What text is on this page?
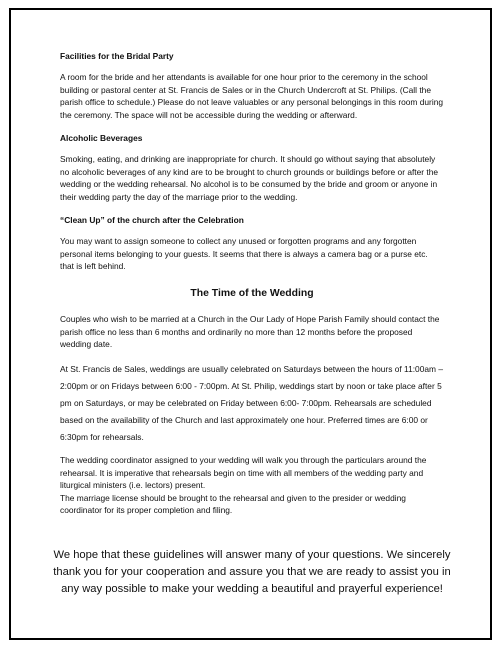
Facilities for the Bridal Party

A room for the bride and her attendants is available for one hour prior to the ceremony in the school building or pastoral center at St. Francis de Sales or in the Church Undercroft at St. Philips. (Call the parish office to schedule.) Please do not leave valuables or any personal belongings in this room during the ceremony. The space will not be accessible during the wedding or afterward.

Alcoholic Beverages

Smoking, eating, and drinking are inappropriate for church. It should go without saying that absolutely no alcoholic beverages of any kind are to be brought to church grounds or buildings before or after the wedding or the wedding rehearsal. No alcohol is to be consumed by the bride and groom or anyone in their wedding party the day of the marriage prior to the wedding.

“Clean Up” of the church after the Celebration

You may want to assign someone to collect any unused or forgotten programs and any forgotten personal items belonging to your guests. It seems that there is always a camera bag or a purse etc. that is left behind.

The Time of the Wedding

Couples who wish to be married at a Church in the Our Lady of Hope Parish Family should contact the parish office no less than 6 months and ordinarily no more than 12 months before the proposed wedding date.

At St. Francis de Sales, weddings are usually celebrated on Saturdays between the hours of 11:00am – 2:00pm or on Fridays between 6:00 - 7:00pm. At St. Philip, weddings start by noon or take place after 5 pm on Saturdays, or may be celebrated on Friday between 6:00- 7:00pm. Rehearsals are scheduled based on the availability of the Church and last approximately one hour. Preferred times are 6:00 or 6:30pm for rehearsals.

The wedding coordinator assigned to your wedding will walk you through the particulars around the rehearsal. It is imperative that rehearsals begin on time with all members of the wedding party and liturgical ministers (i.e. lectors) present.

The marriage license should be brought to the rehearsal and given to the presider or wedding coordinator for its proper completion and filing.

We hope that these guidelines will answer many of your questions. We sincerely thank you for your cooperation and assure you that we are ready to assist you in any way possible to make your wedding a beautiful and prayerful experience!
